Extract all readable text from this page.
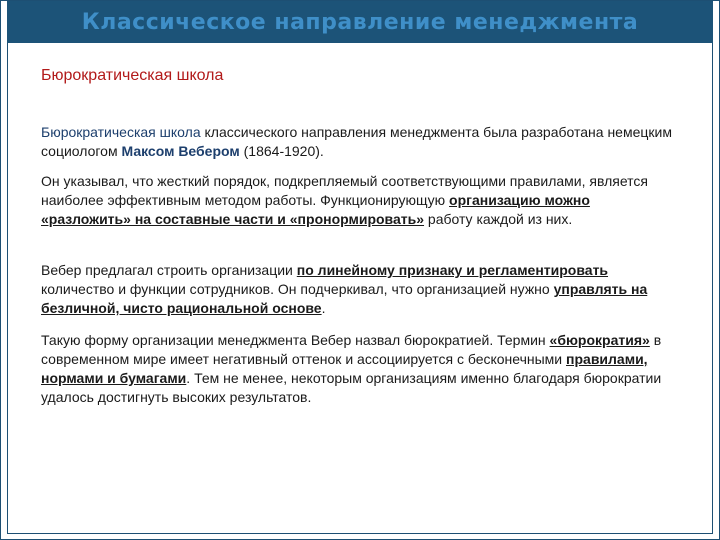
Классическое направление менеджмента
Бюрократическая школа
Бюрократическая школа классического направления менеджмента была разработана немецким социологом Максом Вебером (1864-1920).
Он указывал, что жесткий порядок, подкрепляемый соответствующими правилами, является наиболее эффективным методом работы. Функционирующую организацию можно «разложить» на составные части и «пронормировать» работу каждой из них.
Вебер предлагал строить организации по линейному признаку и регламентировать количество и функции сотрудников. Он подчеркивал, что организацией нужно управлять на безличной, чисто рациональной основе.
Такую форму организации менеджмента Вебер назвал бюрократией. Термин «бюрократия» в современном мире имеет негативный оттенок и ассоциируется с бесконечными правилами, нормами и бумагами. Тем не менее, некоторым организациям именно благодаря бюрократии удалось достигнуть высоких результатов.
